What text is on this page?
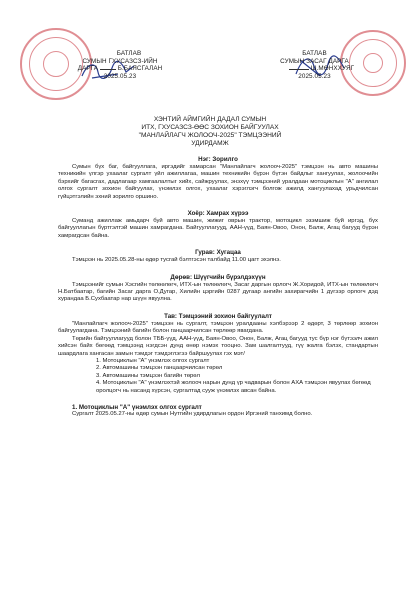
БАТЛАВ
СУМЫН ГХУСАЗСЗ-ИЙН
ДАРГА	Б.БАЯСГАЛАН
2025.05.23
БАТЛАВ
СУМЫН ЗАСАГ ДАРГА
Ш.МӨНХХУЯГ
2025.05.23
ХЭНТИЙ АЙМГИЙН ДАДАЛ СУМЫН
ИТХ, ГХУСАЗСЗ-ӨӨС ЗОХИОН БАЙГУУЛАХ
"МАНЛАЙЛАГЧ ЖОЛООЧ-2025" ТЭМЦЭЭНИЙ
УДИРДАМЖ

Нэг: Зорилго

Сумын бүх баг, байгууллага, иргэдийг хамарсан "Манлайлагч жолооч-2025" тэмцээн нь авто машины техникийн үлгэр ухаалаг сургалт үйл ажиллагаа, машин техникийн бүрэн бүтэн байдлыг хангуулах, жолоочийн бэрхийг багасгах, дадлагаар хамгаалалтыг хийх, сайжруулах, энэхүү тэмцээний уралдаан мотоциклын "А" ангилал олгох сургалт зохион байгуулах, үнэмлэх олгох, ухаалаг хэрэглэгч болгож ажилд хангуулахад урьдчилсан гүйцэтгэлийн эхний зорилго оршино.

Хоёр: Хамрах хүрээ

Суманд ажиллаж амьдарч буй авто машин, жижиг оврын трактор, мотоцикл эзэмшиж буй иргэд, бүх байгууллагын бүртгэлтэй машин хамрагдана. Байгууллагууд, ААН-үүд, Баян-Овоо, Онон, Балж, Агац багууд бүрэн хамрагдсан байна.

Гурав: Хугацаа

Тэмцээн нь 2025.05.28-ны өдөр тусгай бэлтгэсэн талбайд 11.00 цагт эхэлнэ.

Дөрөв: Шүүгчийн бүрэлдэхүүн

Тэмцээнийг сумын Хэсгийн төлөөлөгч, ИТХ-ын төлөөлөгч, Засаг даргын орлогч Ж.Хоридой, ИТХ-ын төлөөлөгч Н.Батбаатар, багийн Засаг дарга О.Дугар, Хилийн цэргийн 0287 дугаар ангийн захирагчийн 1 дүгээр орлогч дэд хурандаа Б.Сухбаатар нар шүүн явуулна.

Тав: Тэмцээний зохион байгуулалт

"Манлайлагч жолооч-2025" тэмцээн нь сургалт, тэмцээн уралдааны хэлбэрээр 2 өдөрт, 3 төрлөөр зохион байгуулагдана. Тэмцээний багийн болон ганцаарчилсан төрлөөр явагдана.

Төрийн байгууллагууд болон ТББ-үүд, ААН-үүд, Баян-Овоо, Онон, Балж, Агац багууд тус бүр нэг бүтээлч ажил хийсэн байх бөгөөд тэмцээнд нэгдсэн дунд өнөр нэмэх тооцно. Зам шалгалтууд, гүү жалга бэлэх, стандартын шаардлага хангасан замын тэмдэг тэмдэглэгээ байршуулах гэх мэт/

1. Мотоциклын "А" үнэмлэх олгох сургалт
2. Автомашины тэмцээн ганцаарчилсан төрөл
3. Автомашины тэмцээн багийн төрөл
4. Мотоциклын "А" үнэмлэхтэй жолооч нарын дунд үр чадварын болон АХА тэмцээн явуулах бөгөөд оролцогч нь насанд хүрсэн, сургалтад сууж үнэмлэх авсан байна.

1. Мотоциклын "А" үнэмлэх олгох сургалт

Сургалт 2025.05.27-ны өдөр сумын Нутгийн удирдлагын ордон Иргэний танхимд болно.
